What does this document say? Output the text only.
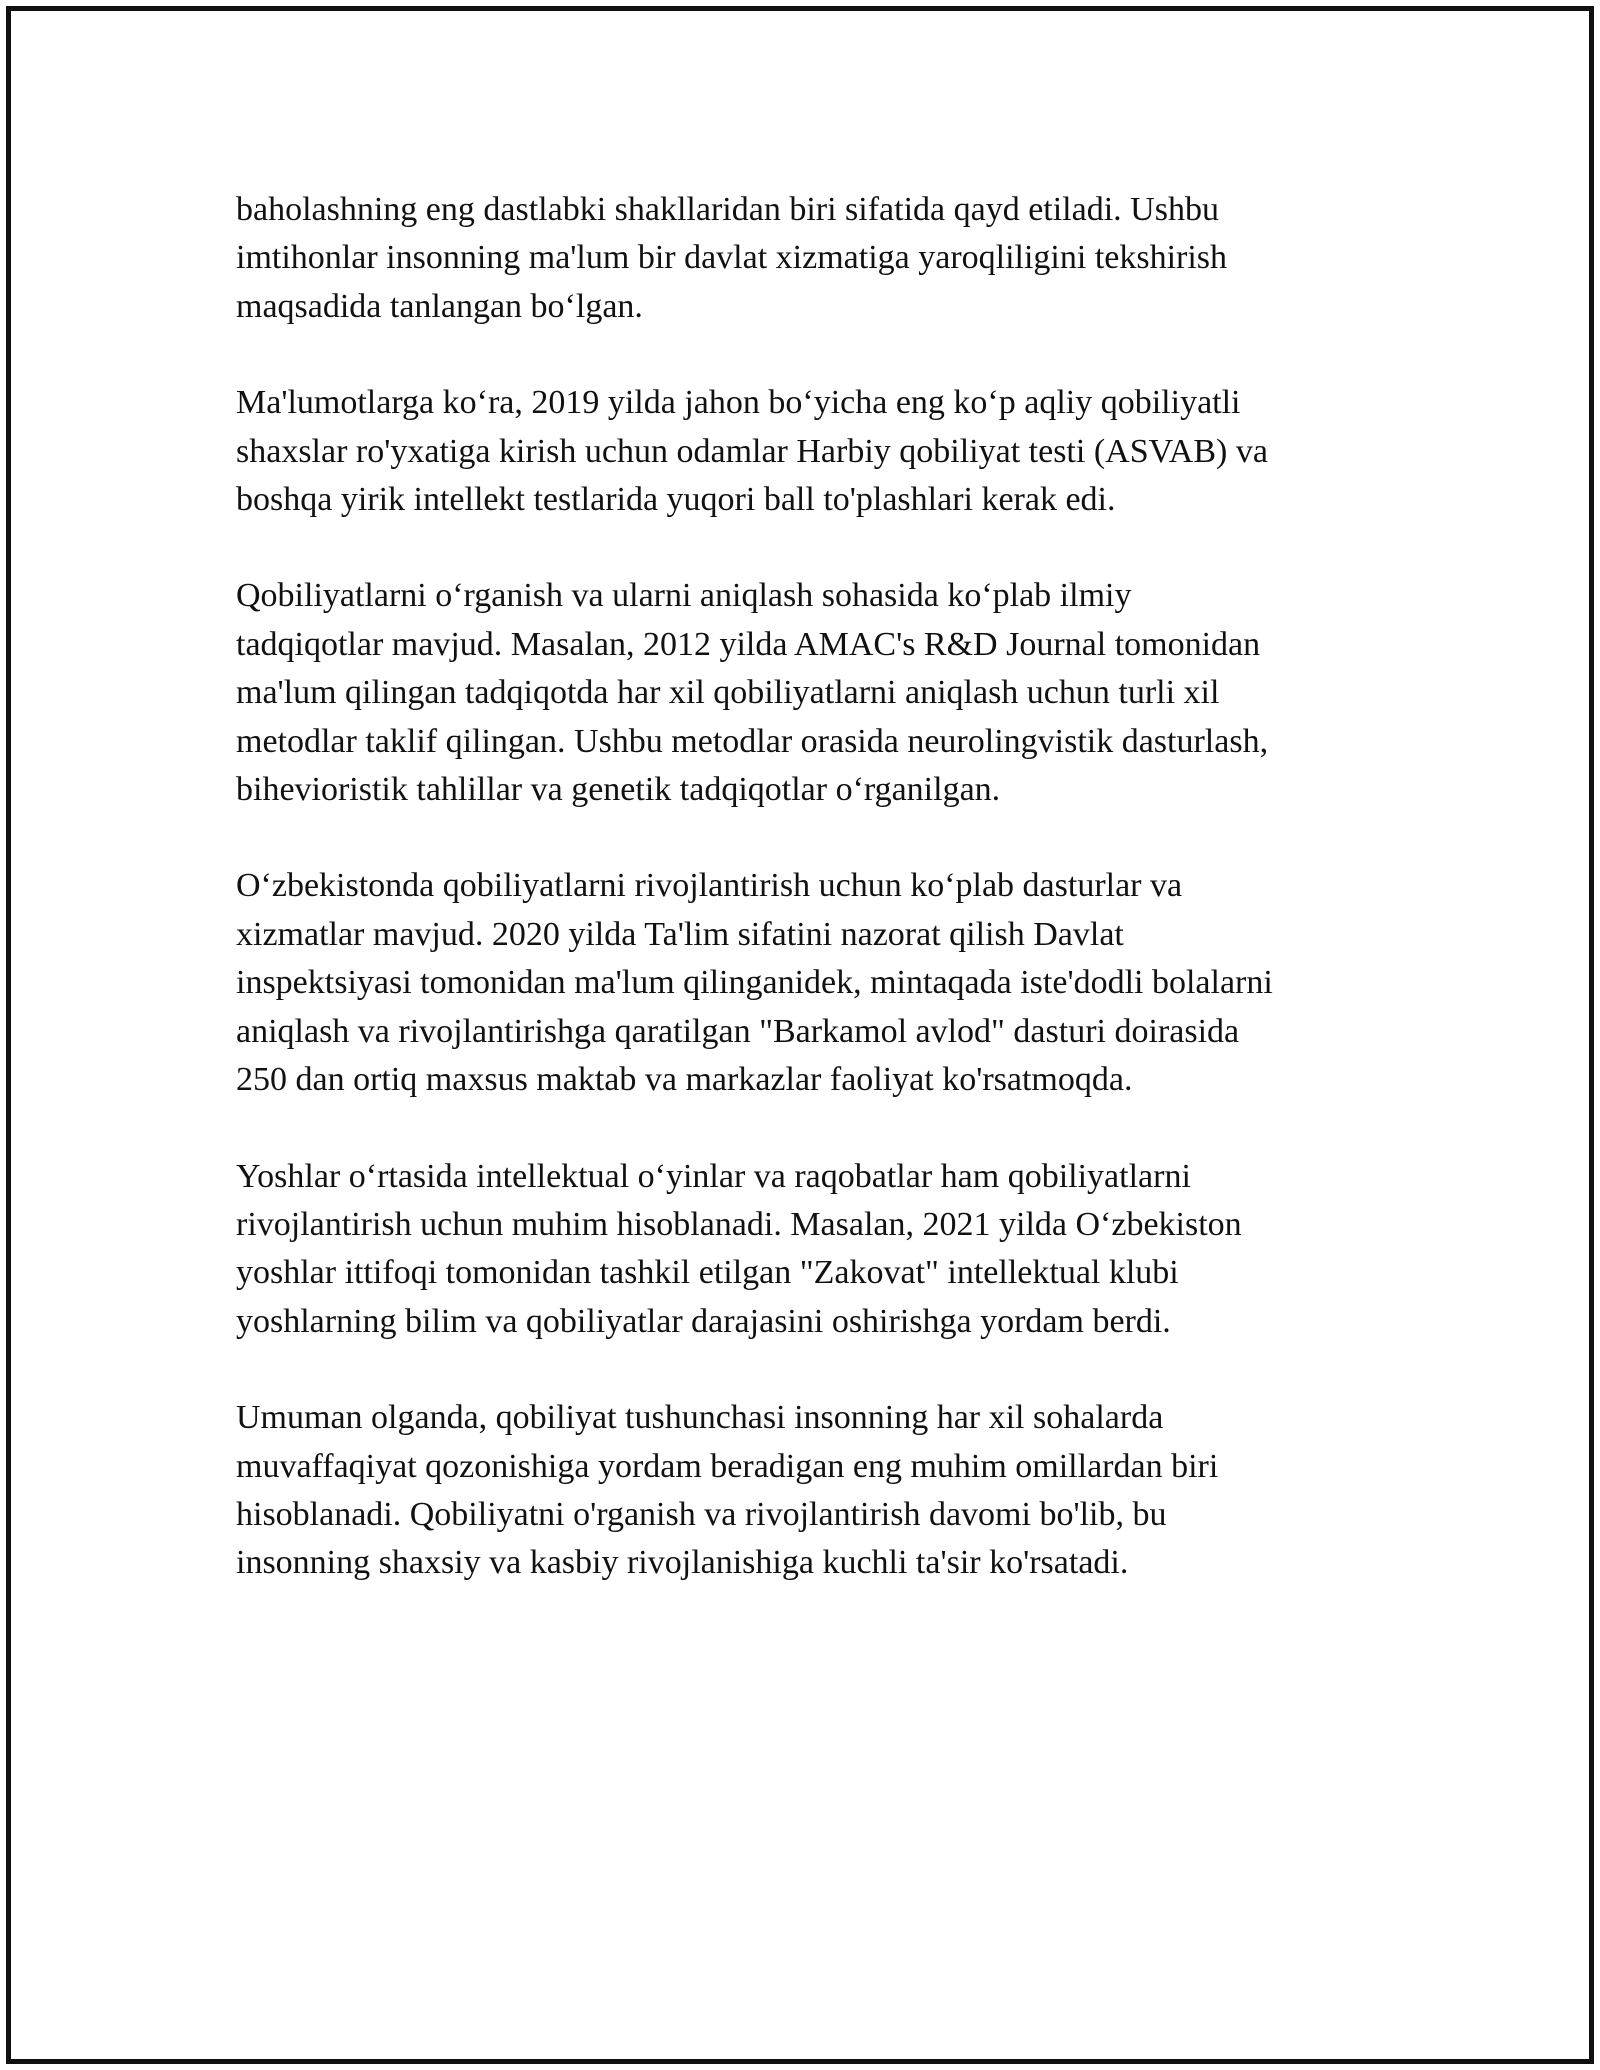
baholashning eng dastlabki shakllaridan biri sifatida qayd etiladi. Ushbu
imtihonlar insonning ma'lum bir davlat xizmatiga yaroqliligini tekshirish
maqsadida tanlangan bo‘lgan.

Ma'lumotlarga ko‘ra, 2019 yilda jahon bo‘yicha eng ko‘p aqliy qobiliyatli
shaxslar ro'yxatiga kirish uchun odamlar Harbiy qobiliyat testi (ASVAB) va
boshqa yirik intellekt testlarida yuqori ball to'plashlari kerak edi.

Qobiliyatlarni o‘rganish va ularni aniqlash sohasida ko‘plab ilmiy
tadqiqotlar mavjud. Masalan, 2012 yilda AMAC's R&D Journal tomonidan
ma'lum qilingan tadqiqotda har xil qobiliyatlarni aniqlash uchun turli xil
metodlar taklif qilingan. Ushbu metodlar orasida neurolingvistik dasturlash,
bihevioristik tahlillar va genetik tadqiqotlar o‘rganilgan.

O‘zbekistonda qobiliyatlarni rivojlantirish uchun ko‘plab dasturlar va
xizmatlar mavjud. 2020 yilda Ta'lim sifatini nazorat qilish Davlat
inspektsiyasi tomonidan ma'lum qilinganidek, mintaqada iste'dodli bolalarni
aniqlash va rivojlantirishga qaratilgan "Barkamol avlod" dasturi doirasida
250 dan ortiq maxsus maktab va markazlar faoliyat ko'rsatmoqda.

Yoshlar o‘rtasida intellektual o‘yinlar va raqobatlar ham qobiliyatlarni
rivojlantirish uchun muhim hisoblanadi. Masalan, 2021 yilda O‘zbekiston
yoshlar ittifoqi tomonidan tashkil etilgan "Zakovat" intellektual klubi
yoshlarning bilim va qobiliyatlar darajasini oshirishga yordam berdi.

Umuman olganda, qobiliyat tushunchasi insonning har xil sohalarda
muvaffaqiyat qozonishiga yordam beradigan eng muhim omillardan biri
hisoblanadi. Qobiliyatni o'rganish va rivojlantirish davomi bo'lib, bu
insonning shaxsiy va kasbiy rivojlanishiga kuchli ta'sir ko'rsatadi.
